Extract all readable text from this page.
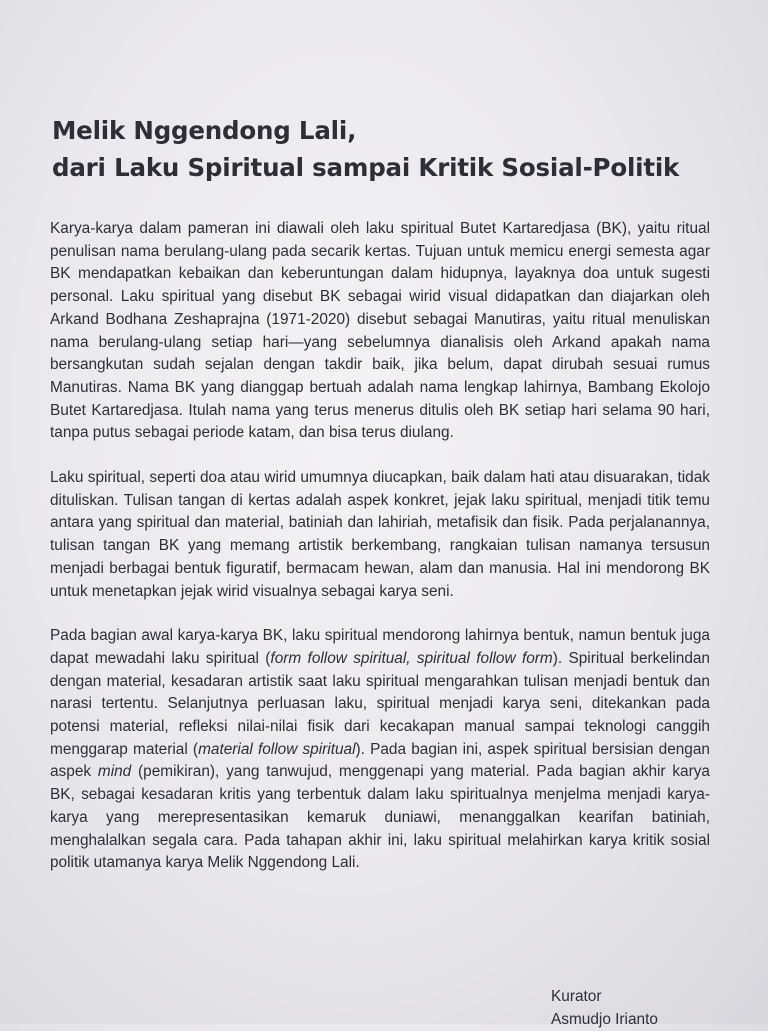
Melik Nggendong Lali,
dari Laku Spiritual sampai Kritik Sosial-Politik

Karya-karya dalam pameran ini diawali oleh laku spiritual Butet Kartaredjasa (BK), yaitu ritual penulisan nama berulang-ulang pada secarik kertas. Tujuan untuk memicu energi semesta agar BK mendapatkan kebaikan dan keberuntungan dalam hidupnya, layaknya doa untuk sugesti personal. Laku spiritual yang disebut BK sebagai wirid visual didapatkan dan diajarkan oleh Arkand Bodhana Zeshaprajna (1971-2020) disebut sebagai Manutiras, yaitu ritual menuliskan nama berulang-ulang setiap hari—yang sebelumnya dianalisis oleh Arkand apakah nama bersangkutan sudah sejalan dengan takdir baik, jika belum, dapat dirubah sesuai rumus Manutiras. Nama BK yang dianggap bertuah adalah nama lengkap lahirnya, Bambang Ekolojo Butet Kartaredjasa. Itulah nama yang terus menerus ditulis oleh BK setiap hari selama 90 hari, tanpa putus sebagai periode katam, dan bisa terus diulang.

Laku spiritual, seperti doa atau wirid umumnya diucapkan, baik dalam hati atau disuarakan, tidak dituliskan. Tulisan tangan di kertas adalah aspek konkret, jejak laku spiritual, menjadi titik temu antara yang spiritual dan material, batiniah dan lahiriah, metafisik dan fisik. Pada perjalanannya, tulisan tangan BK yang memang artistik berkembang, rangkaian tulisan namanya tersusun menjadi berbagai bentuk figuratif, bermacam hewan, alam dan manusia. Hal ini mendorong BK untuk menetapkan jejak wirid visualnya sebagai karya seni.

Pada bagian awal karya-karya BK, laku spiritual mendorong lahirnya bentuk, namun bentuk juga dapat mewadahi laku spiritual (form follow spiritual, spiritual follow form). Spiritual berkelindan dengan material, kesadaran artistik saat laku spiritual mengarahkan tulisan menjadi bentuk dan narasi tertentu. Selanjutnya perluasan laku, spiritual menjadi karya seni, ditekankan pada potensi material, refleksi nilai-nilai fisik dari kecakapan manual sampai teknologi canggih menggarap material (material follow spiritual). Pada bagian ini, aspek spiritual bersisian dengan aspek mind (pemikiran), yang tanwujud, menggenapi yang material. Pada bagian akhir karya BK, sebagai kesadaran kritis yang terbentuk dalam laku spiritualnya menjelma menjadi karya-karya yang merepresentasikan kemaruk duniawi, menanggalkan kearifan batiniah, menghalalkan segala cara. Pada tahapan akhir ini, laku spiritual melahirkan karya kritik sosial politik utamanya karya Melik Nggendong Lali.

Kurator
Asmudjo Irianto
